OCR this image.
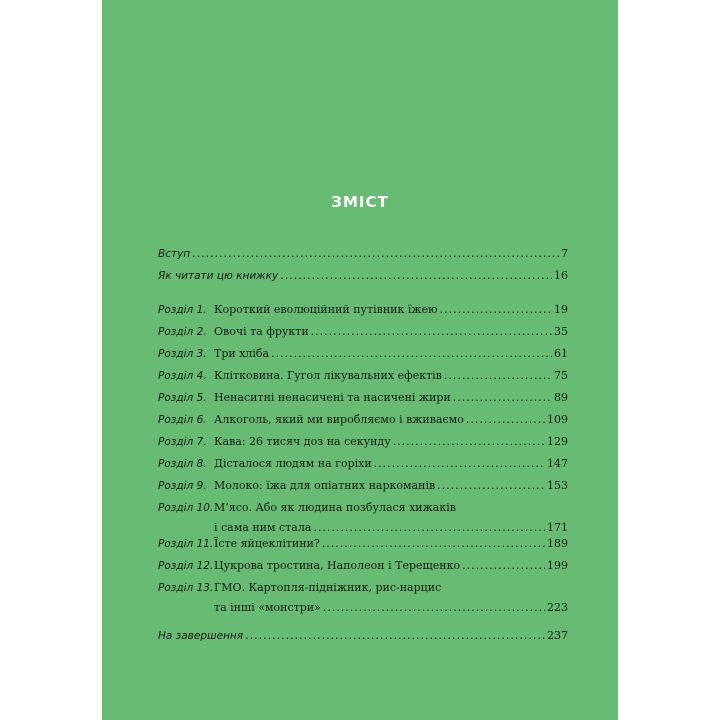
ЗМІСТ
Вступ .....	7
Як читати цю книжку .....	16
Розділ 1. Короткий еволюційний путівник їжею .....	19
Розділ 2. Овочі та фрукти .....	35
Розділ 3. Три хліба .....	61
Розділ 4. Клітковина. Гугол лікувальних ефектів .....	75
Розділ 5. Ненаситні ненасичені та насичені жири .....	89
Розділ 6. Алкоголь, який ми виробляємо і вживаємо .....	109
Розділ 7. Кава: 26 тисяч доз на секунду .....	129
Розділ 8. Дісталося людям на горіхи .....	147
Розділ 9. Молоко: їжа для опіатних наркоманів .....	153
Розділ 10. М’ясо. Або як людина позбулася хижаків
і сама ним стала .....	171
Розділ 11. Їсте яйцеклітини? .....	189
Розділ 12. Цукрова тростина, Наполеон і Терещенко .....	199
Розділ 13. ГМО. Картопля-підніжник, рис-нарцис
та інші «монстри» .....	223
На завершення .....	237
